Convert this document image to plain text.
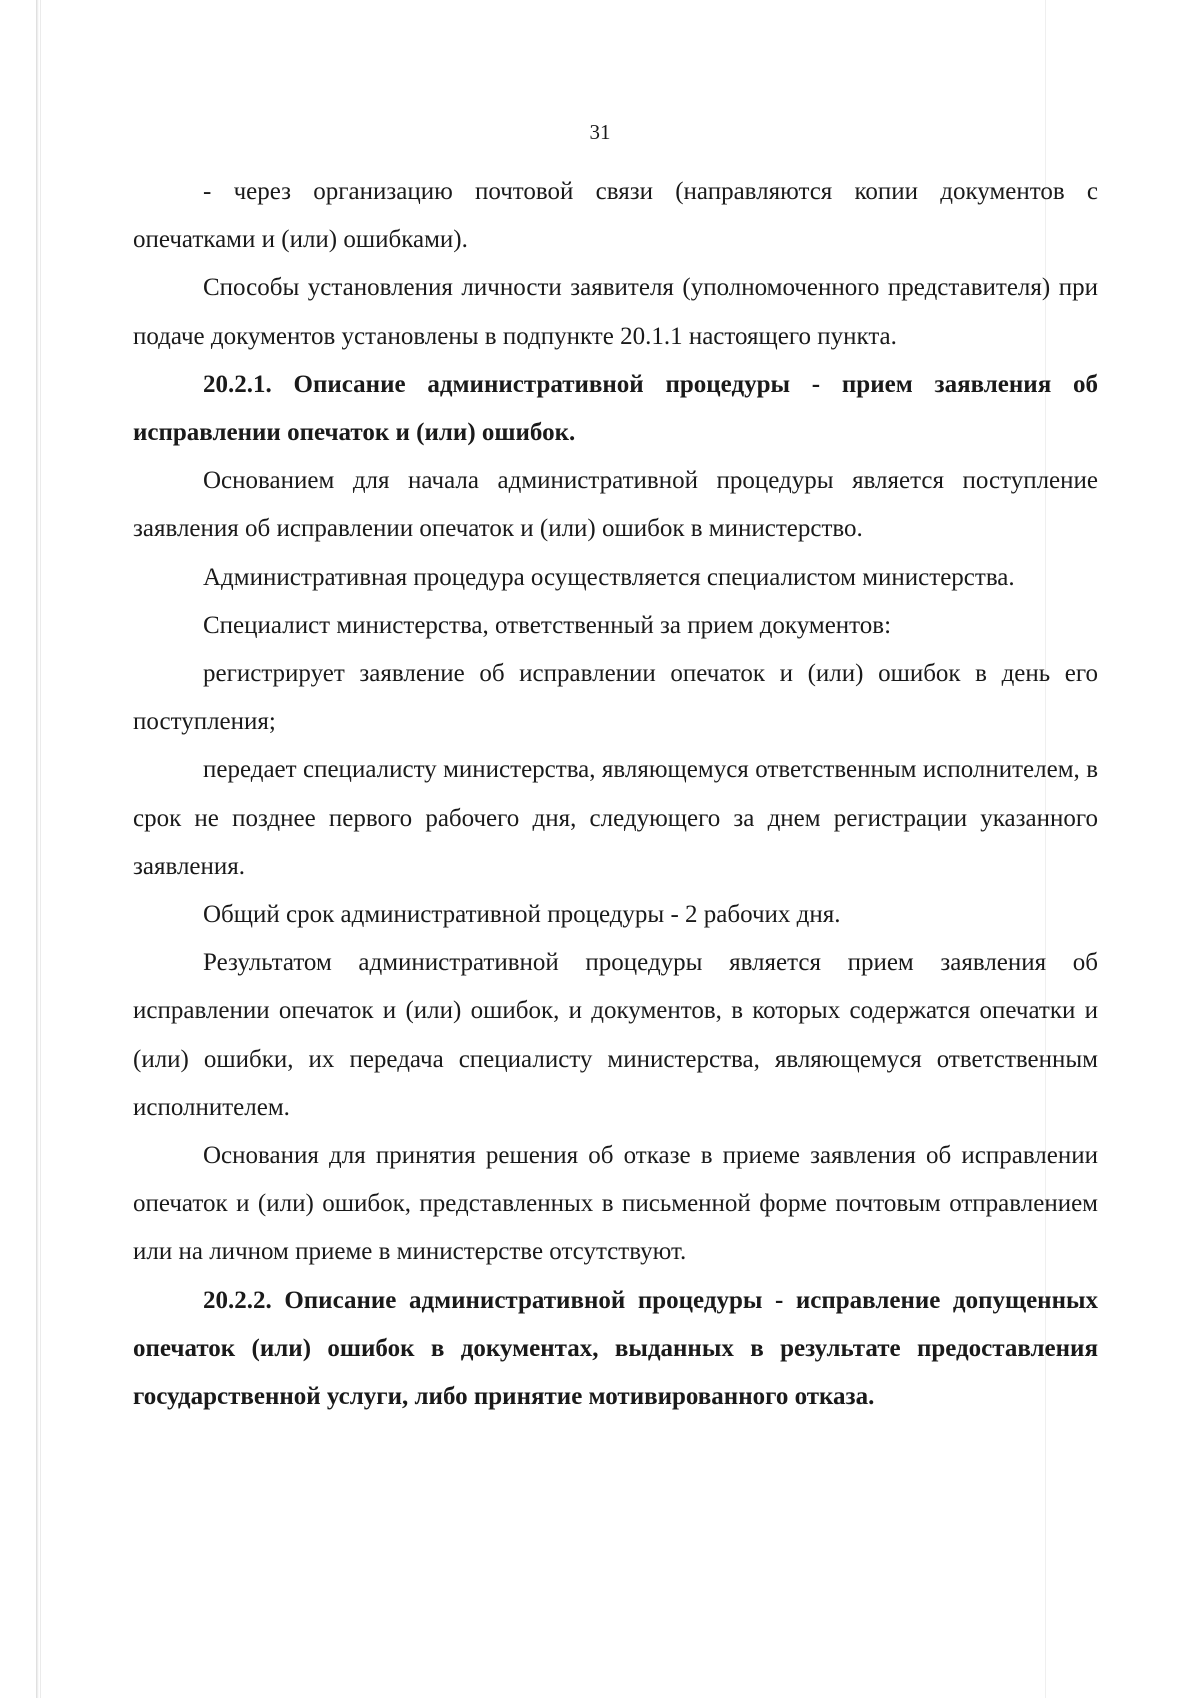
31

- через организацию почтовой связи (направляются копии документов с опечатками и (или) ошибками).

Способы установления личности заявителя (уполномоченного представителя) при подаче документов установлены в подпункте 20.1.1 настоящего пункта.

20.2.1. Описание административной процедуры - прием заявления об исправлении опечаток и (или) ошибок.

Основанием для начала административной процедуры является поступление заявления об исправлении опечаток и (или) ошибок в министерство.

Административная процедура осуществляется специалистом министерства.

Специалист министерства, ответственный за прием документов:

регистрирует заявление об исправлении опечаток и (или) ошибок в день его поступления;

передает специалисту министерства, являющемуся ответственным исполнителем, в срок не позднее первого рабочего дня, следующего за днем регистрации указанного заявления.

Общий срок административной процедуры - 2 рабочих дня.

Результатом административной процедуры является прием заявления об исправлении опечаток и (или) ошибок, и документов, в которых содержатся опечатки и (или) ошибки, их передача специалисту министерства, являющемуся ответственным исполнителем.

Основания для принятия решения об отказе в приеме заявления об исправлении опечаток и (или) ошибок, представленных в письменной форме почтовым отправлением или на личном приеме в министерстве отсутствуют.

20.2.2. Описание административной процедуры - исправление допущенных опечаток (или) ошибок в документах, выданных в результате предоставления государственной услуги, либо принятие мотивированного отказа.
